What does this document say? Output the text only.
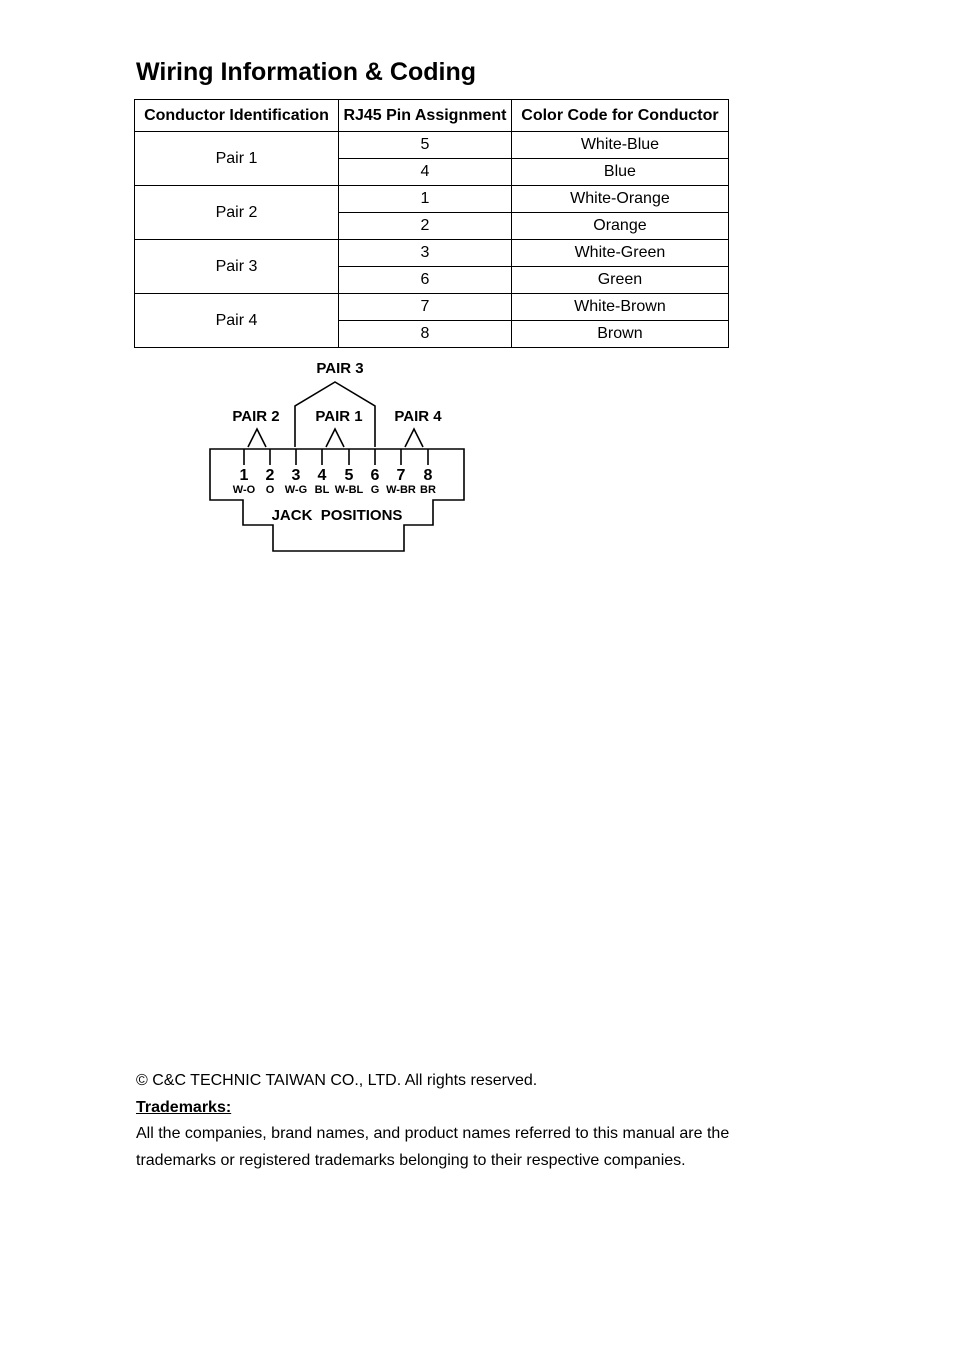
Wiring Information & Coding
Conductor Identification	RJ45 Pin Assignment	Color Code for Conductor
Pair 1	5	White-Blue
	4	Blue
Pair 2	1	White-Orange
	2	Orange
Pair 3	3	White-Green
	6	Green
Pair 4	7	White-Brown
	8	Brown
PAIR 3
PAIR 2 PAIR 1 PAIR 4
1 2 3 4 5 6 7 8
W-O O W-G BL W-BL G W-BR BR
JACK  POSITIONS

© C&C TECHNIC TAIWAN CO., LTD. All rights reserved.

Trademarks:

All the companies, brand names, and product names referred to this manual are the

trademarks or registered trademarks belonging to their respective companies.
